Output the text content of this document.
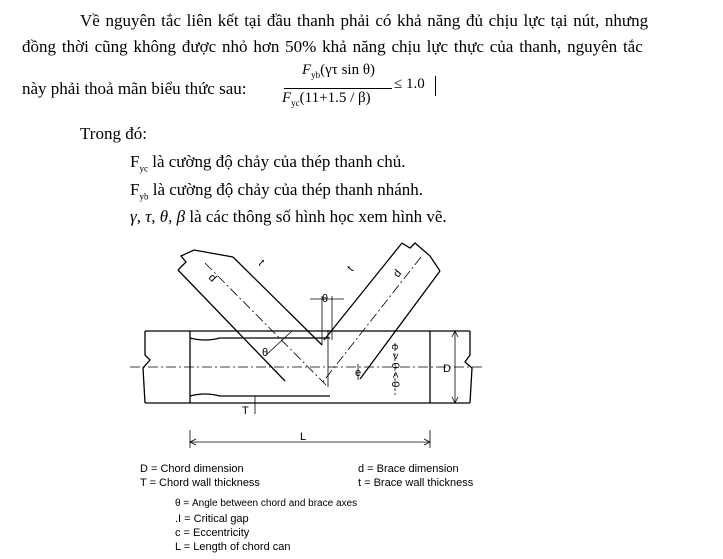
Về nguyên tắc liên kết tại đầu thanh phải có khả năng đủ chịu lực tại nút, nhưng
đồng thời cũng không được nhỏ hơn 50% khả năng chịu lực thực của thanh, nguyên tắc
này phải thoả mãn biểu thức sau:
$F_{yb}(\gamma\tau$ sin θ)
$F_{yc}(11+1.5 / \beta)$
≤ 1.0
Trong đó:
$F_{yc}$ là cường độ chảy của thép thanh chủ.
$F_{yb}$ là cường độ chảy của thép thanh nhánh.
γ, τ, θ, β là các thông số hình học xem hình vẽ.
d
t
t	d
θ
θ
e	e > 0 < 0	D
T
L
D = Chord dimension
T = Chord wall thickness
d = Brace dimension
t = Brace wall thickness
θ = Angle between chord and brace axes
.I = Critical gap
c = Eccentricity
L = Length of chord can
